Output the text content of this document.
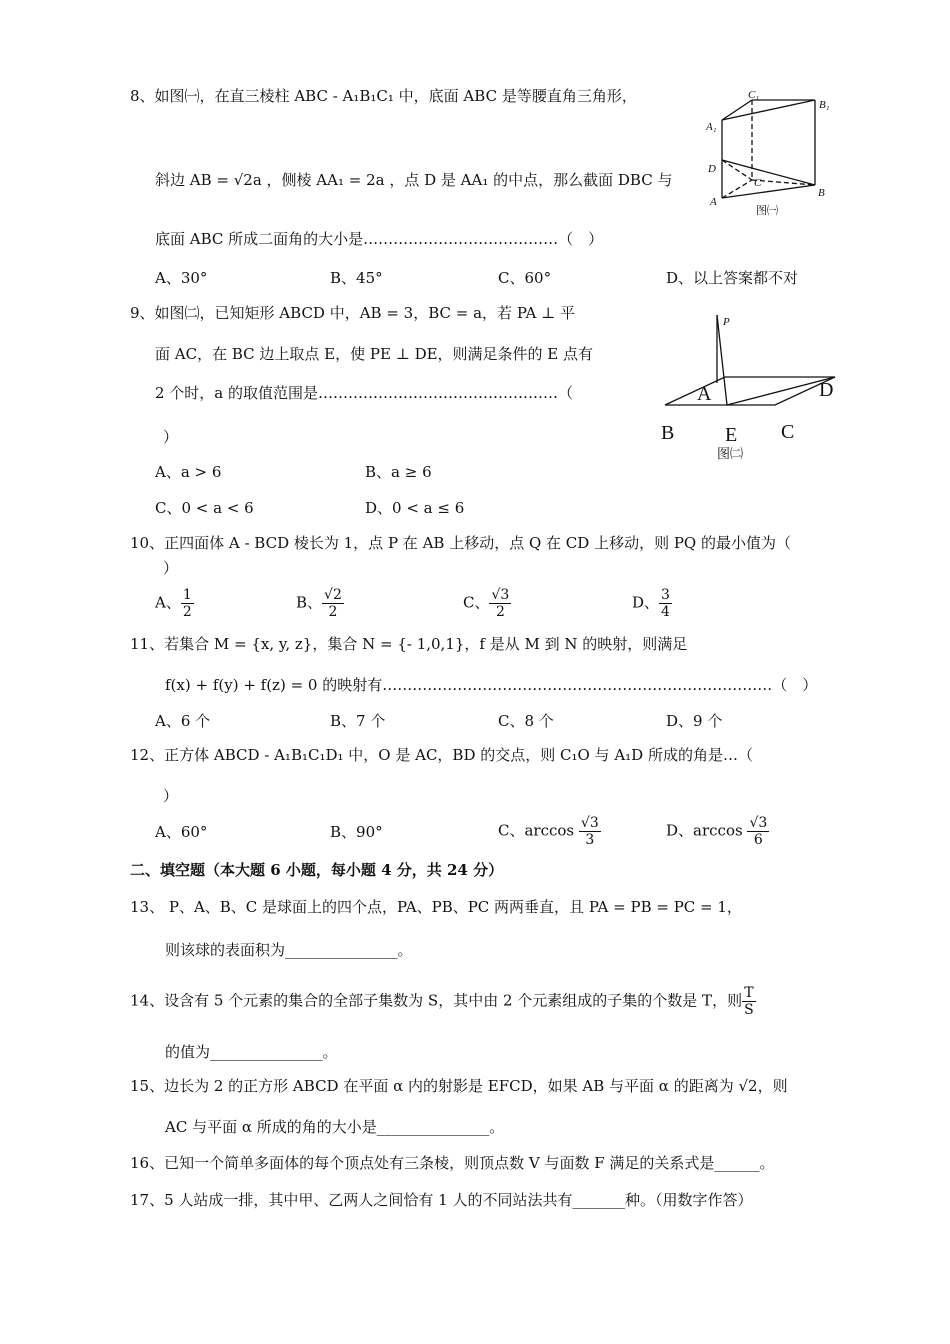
8、如图㈠，在直三棱柱 ABC - A₁B₁C₁ 中，底面 ABC 是等腰直角三角形，
斜边 AB = √2a ，侧棱 AA₁ = 2a ，点 D 是 AA₁ 的中点，那么截面 DBC 与
底面 ABC 所成二面角的大小是…………………………………（　）
A、30°	B、45°	C、60°	D、以上答案都不对
C₁
B₁
A₁
D
C
B
A
图㈠
9、如图㈡，已知矩形 ABCD 中，AB = 3，BC = a，若 PA ⊥ 平
面 AC，在 BC 边上取点 E，使 PE ⊥ DE，则满足条件的 E 点有
2 个时，a 的取值范围是…………………………………………（
）
A、a > 6	B、a ≥ 6
C、0 < a < 6	D、0 < a ≤ 6
P
A	D
B	E C
图㈡
10、正四面体 A - BCD 棱长为 1，点 P 在 AB 上移动，点 Q 在 CD 上移动，则 PQ 的最小值为（
）
A、 $\frac{1}{2}$	B、 $\frac{√2}{2}$	C、 $\frac{√3}{2}$	D、 $\frac{3}{4}$
11、若集合 M = {x, y, z}，集合 N = {- 1,0,1}，f 是从 M 到 N 的映射，则满足
f(x) + f(y) + f(z) = 0 的映射有……………………………………………………………………（　）
A、6 个	B、7 个	C、8 个	D、9 个
12、正方体 ABCD - A₁B₁C₁D₁ 中，O 是 AC，BD 的交点，则 C₁O 与 A₁D 所成的角是…（
）
A、60°	B、90°	C、$\arccos \frac{√3}{3}$	D、$\arccos \frac{√3}{6}$
二、填空题（本大题 6 小题，每小题 4 分，共 24 分）
13、 P、A、B、C 是球面上的四个点，PA、PB、PC 两两垂直，且 PA = PB = PC = 1，
则该球的表面积为_______________。
14、设含有 5 个元素的集合的全部子集数为 S，其中由 2 个元素组成的子集的个数是 T，则 $\frac{T}{S}$
的值为_______________。
15、边长为 2 的正方形 ABCD 在平面 α 内的射影是 EFCD，如果 AB 与平面 α 的距离为 √2，则
AC 与平面 α 所成的角的大小是_______________。
16、已知一个简单多面体的每个顶点处有三条棱，则顶点数 V 与面数 F 满足的关系式是______。
17、5 人站成一排，其中甲、乙两人之间恰有 1 人的不同站法共有_______种。（用数字作答）
